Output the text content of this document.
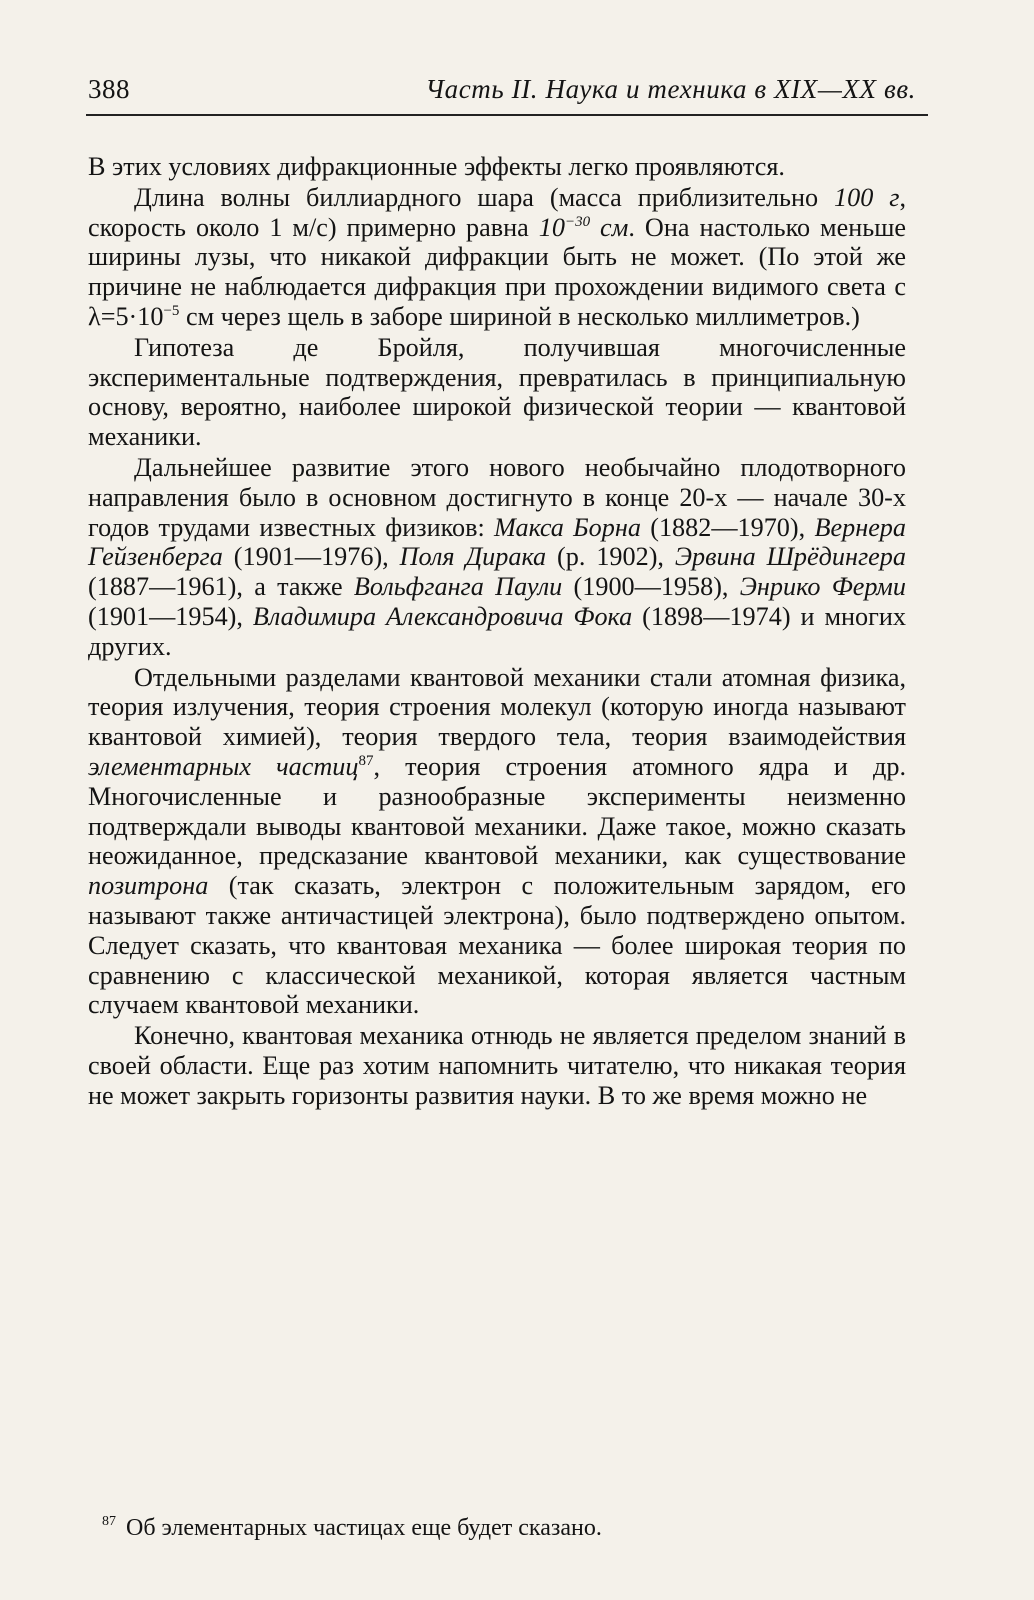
388	Часть II. Наука и техника в XIX—XX вв.

В этих условиях дифракционные эффекты легко проявляются.

Длина волны биллиардного шара (масса приблизительно 100 г, скорость около 1 м/с) примерно равна $10^{-30}$ см. Она настолько меньше ширины лузы, что никакой дифракции быть не может. (По этой же причине не наблюдается дифракция при прохождении видимого света с $\lambda=5\cdot 10^{-5}$ см через щель в заборе шириной в несколько миллиметров.)

Гипотеза де Бройля, получившая многочисленные экспериментальные подтверждения, превратилась в принципиальную основу, вероятно, наиболее широкой физической теории — квантовой механики.

Дальнейшее развитие этого нового необычайно плодотворного направления было в основном достигнуто в конце 20-х — начале 30-х годов трудами известных физиков: Макса Борна (1882—1970), Вернера Гейзенберга (1901—1976), Поля Дирака (р. 1902), Эрвина Шрёдингера (1887—1961), а также Вольфганга Паули (1900—1958), Энрико Ферми (1901—1954), Владимира Александровича Фока (1898—1974) и многих других.

Отдельными разделами квантовой механики стали атомная физика, теория излучения, теория строения молекул (которую иногда называют квантовой химией), теория твердого тела, теория взаимодействия элементарных частиц$^{87}$, теория строения атомного ядра и др. Многочисленные и разнообразные эксперименты неизменно подтверждали выводы квантовой механики. Даже такое, можно сказать неожиданное, предсказание квантовой механики, как существование позитрона (так сказать, электрон с положительным зарядом, его называют также античастицей электрона), было подтверждено опытом. Следует сказать, что квантовая механика — более широкая теория по сравнению с классической механикой, которая является частным случаем квантовой механики.

Конечно, квантовая механика отнюдь не является пределом знаний в своей области. Еще раз хотим напомнить читателю, что никакая теория не может закрыть горизонты развития науки. В то же время можно не

$^{87}$ Об элементарных частицах еще будет сказано.
